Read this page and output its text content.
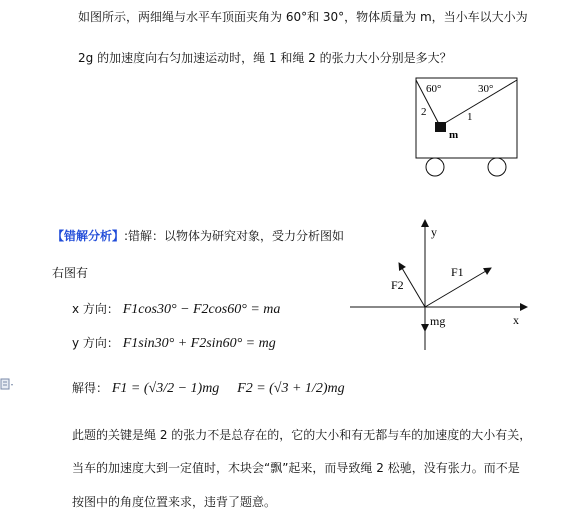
如图所示，两细绳与水平车顶面夹角为 60°和 30°，物体质量为 m，当小车以大小为
2g 的加速度向右匀加速运动时，绳 1 和绳 2 的张力大小分别是多大？
60°	30°
2	1
m
【错解分析】:错解：以物体为研究对象，受力分析图如
右图有
x 方向： F1cos30° − F2cos60° = ma
y 方向： F1sin30° + F2sin60° = mg
解得： F1 = (√3/2 − 1)mg F2 = (√3 + 1/2)mg
此题的关键是绳 2 的张力不是总存在的，它的大小和有无都与车的加速度的大小有关，
当车的加速度大到一定值时，木块会“飘”起来，而导致绳 2 松驰，没有张力。而不是
按图中的角度位置来求，违背了题意。
y
x
F1
F2
mg
